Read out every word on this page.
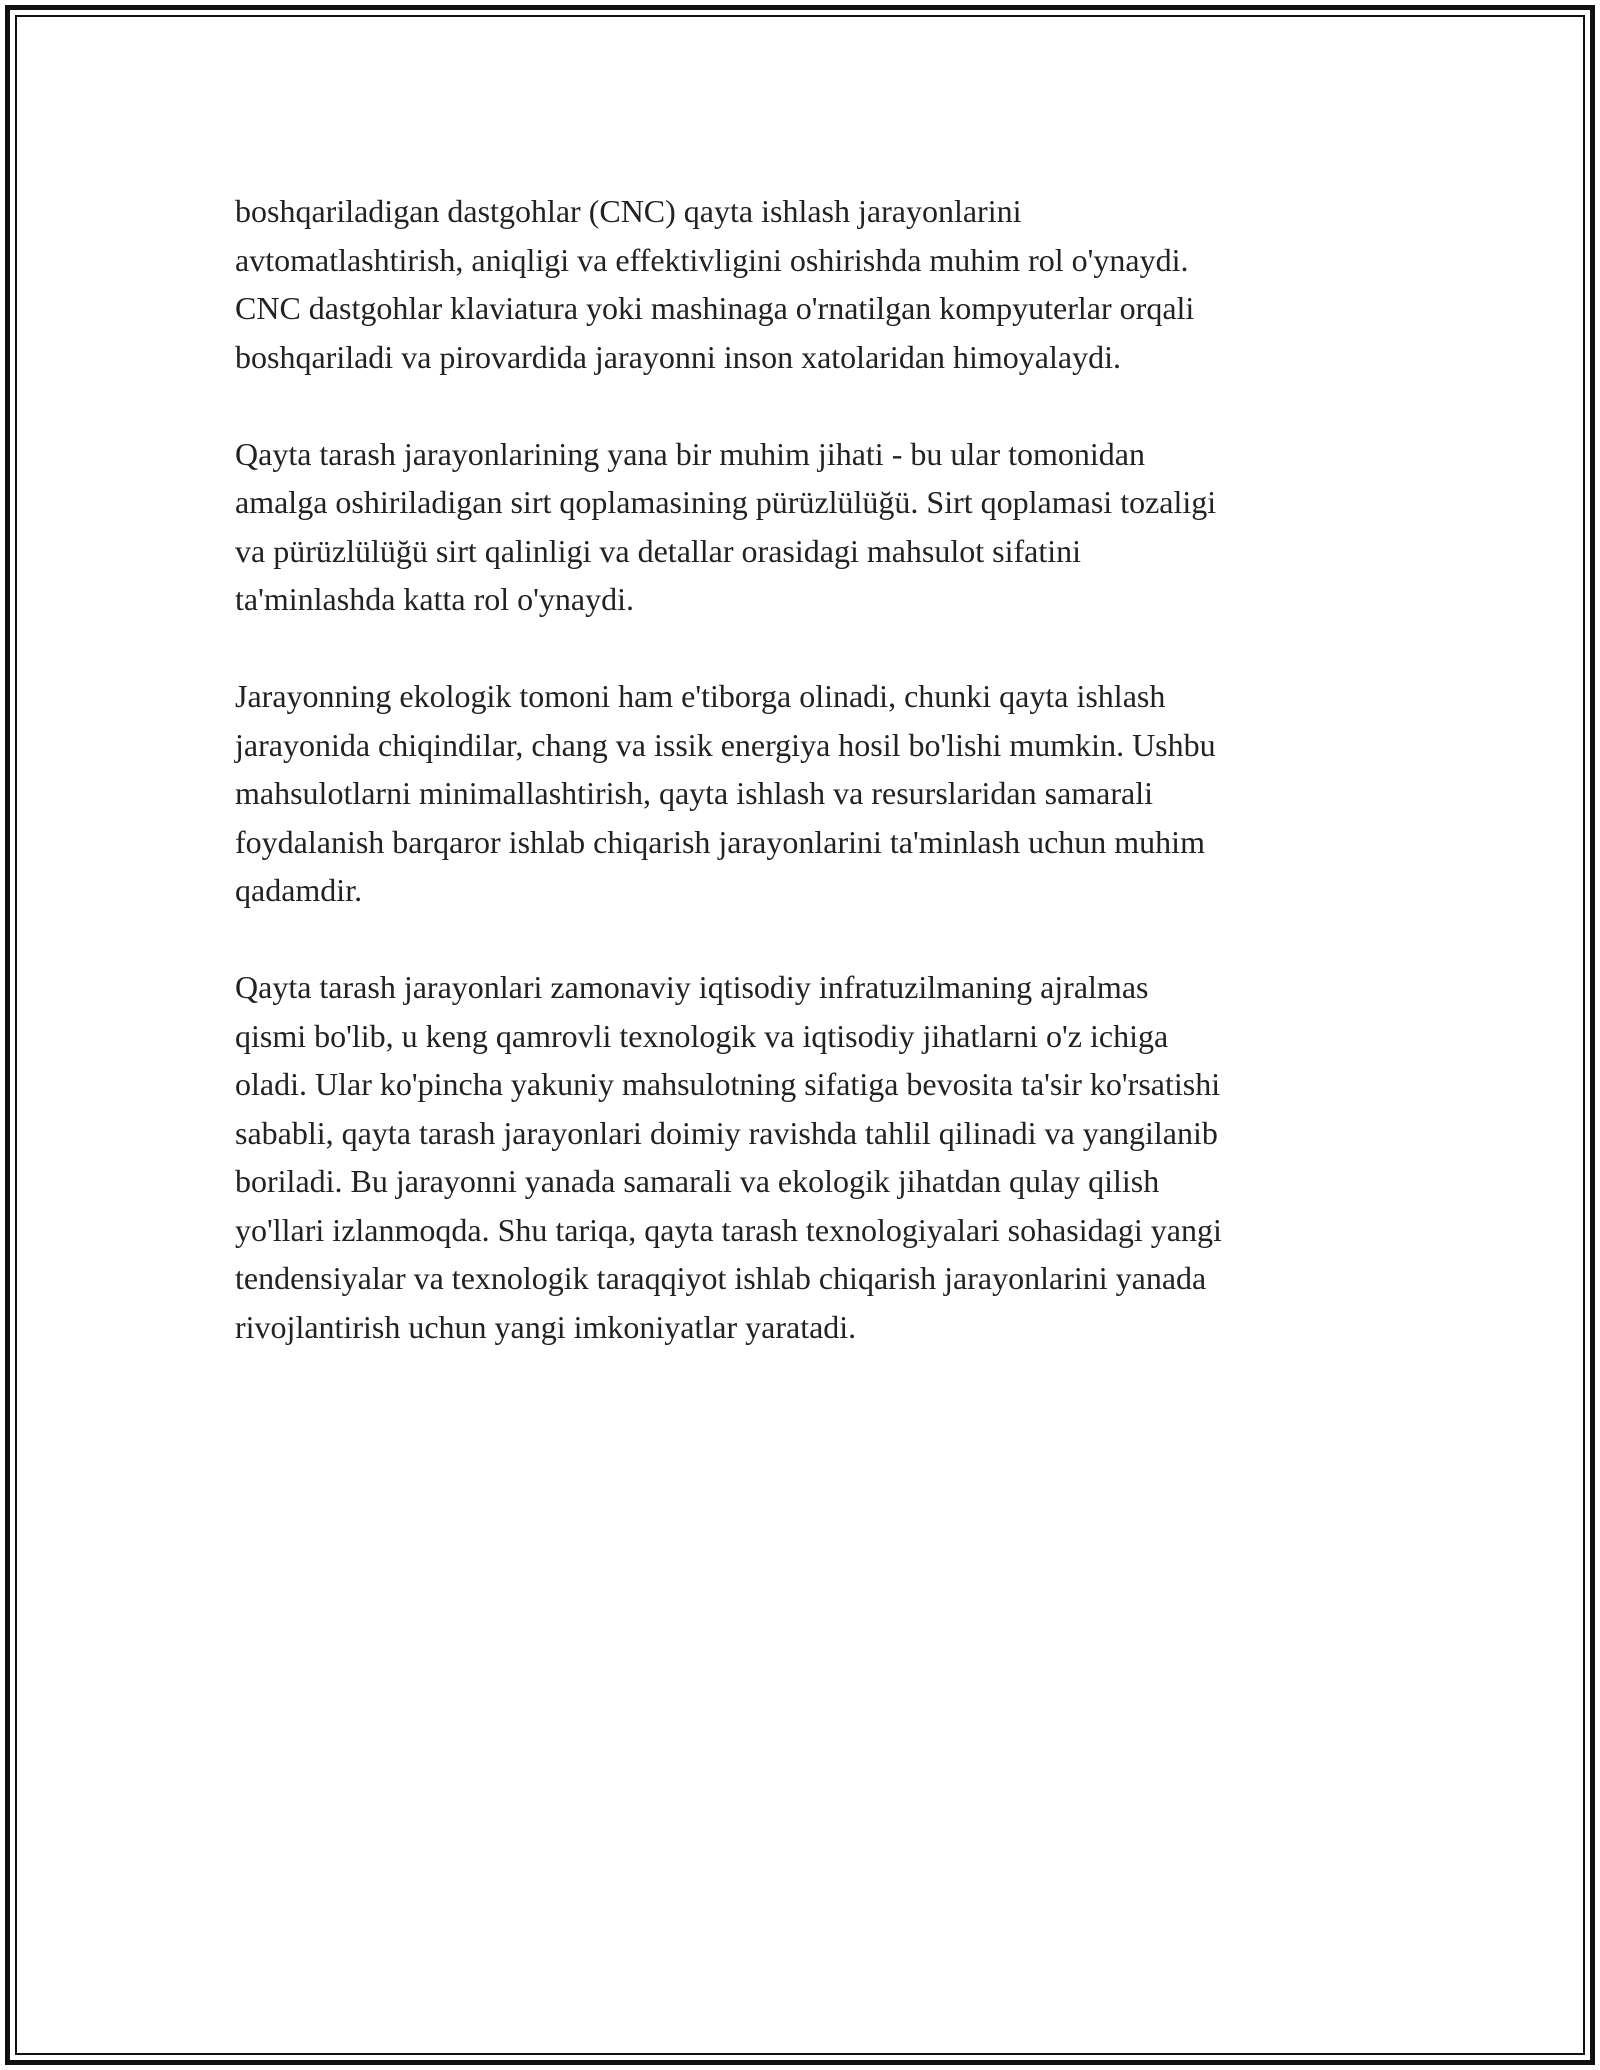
boshqariladigan dastgohlar (CNC) qayta ishlash jarayonlarini
avtomatlashtirish, aniqligi va effektivligini oshirishda muhim rol o'ynaydi.
CNC dastgohlar klaviatura yoki mashinaga o'rnatilgan kompyuterlar orqali
boshqariladi va pirovardida jarayonni inson xatolaridan himoyalaydi.

Qayta tarash jarayonlarining yana bir muhim jihati - bu ular tomonidan
amalga oshiriladigan sirt qoplamasining pürüzlülüğü. Sirt qoplamasi tozaligi
va pürüzlülüğü sirt qalinligi va detallar orasidagi mahsulot sifatini
ta'minlashda katta rol o'ynaydi.

Jarayonning ekologik tomoni ham e'tiborga olinadi, chunki qayta ishlash
jarayonida chiqindilar, chang va issik energiya hosil bo'lishi mumkin. Ushbu
mahsulotlarni minimallashtirish, qayta ishlash va resurslaridan samarali
foydalanish barqaror ishlab chiqarish jarayonlarini ta'minlash uchun muhim
qadamdir.

Qayta tarash jarayonlari zamonaviy iqtisodiy infratuzilmaning ajralmas
qismi bo'lib, u keng qamrovli texnologik va iqtisodiy jihatlarni o'z ichiga
oladi. Ular ko'pincha yakuniy mahsulotning sifatiga bevosita ta'sir ko'rsatishi
sababli, qayta tarash jarayonlari doimiy ravishda tahlil qilinadi va yangilanib
boriladi. Bu jarayonni yanada samarali va ekologik jihatdan qulay qilish
yo'llari izlanmoqda. Shu tariqa, qayta tarash texnologiyalari sohasidagi yangi
tendensiyalar va texnologik taraqqiyot ishlab chiqarish jarayonlarini yanada
rivojlantirish uchun yangi imkoniyatlar yaratadi.
